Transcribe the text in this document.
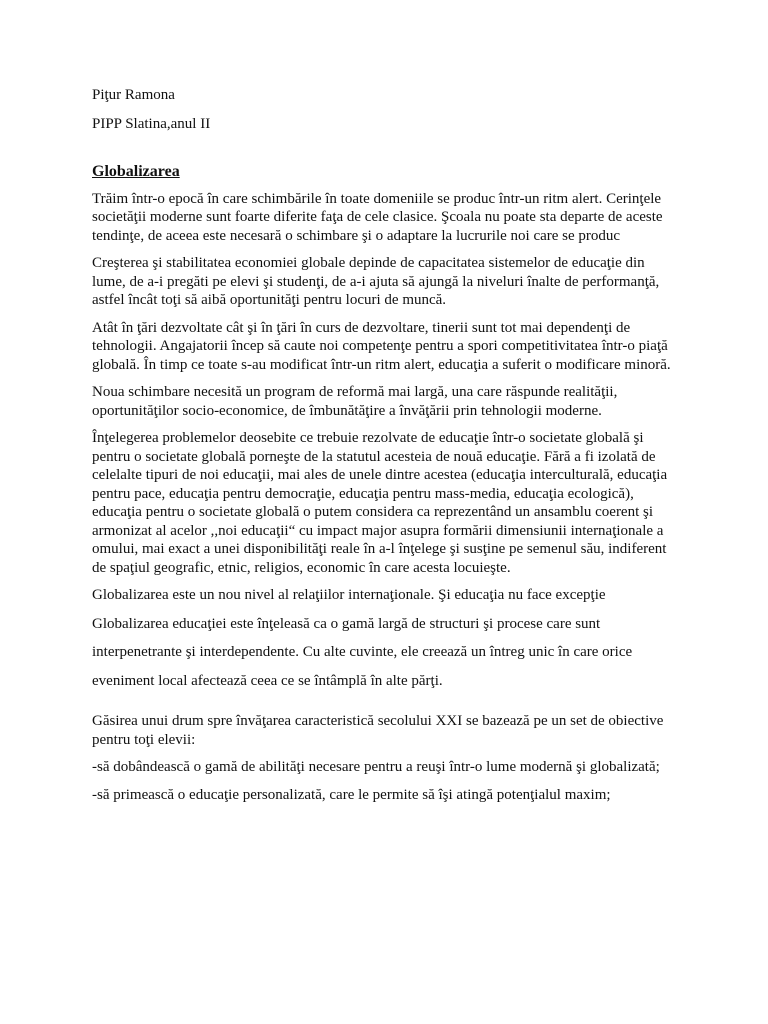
Piţur Ramona

PIPP Slatina,anul II

Globalizarea

Trăim într-o epocă în care schimbările în toate domeniile se produc într-un ritm alert. Cerinţele societăţii moderne sunt foarte diferite faţa de cele clasice. Şcoala nu poate sta departe de aceste tendinţe, de aceea este necesară o schimbare şi o adaptare la lucrurile noi care se produc

Creşterea şi stabilitatea economiei globale depinde de capacitatea sistemelor de educaţie din lume, de a-i pregăti pe elevi şi studenţi, de a-i ajuta să ajungă la niveluri înalte de performanţă, astfel încât toţi să aibă oportunităţi pentru locuri de muncă.

Atât în ţări dezvoltate cât şi în ţări în curs de dezvoltare, tinerii sunt tot mai dependenţi de tehnologii. Angajatorii încep să caute noi competenţe pentru a spori competitivitatea într-o piaţă globală. În timp ce toate s-au modificat într-un ritm alert, educaţia a suferit o modificare minoră.

Noua schimbare necesită un program de reformă mai largă, una care răspunde realităţii, oportunităţilor socio-economice, de îmbunătăţire a învăţării prin tehnologii moderne.

Înţelegerea problemelor deosebite ce trebuie rezolvate de educaţie într-o societate globală şi pentru o societate globală porneşte de la statutul acesteia de nouă educaţie. Fără a fi izolată de celelalte tipuri de noi educaţii, mai ales de unele dintre acestea (educaţia interculturală, educaţia pentru pace, educaţia pentru democraţie, educaţia pentru mass-media, educaţia ecologică), educaţia pentru o societate globală o putem considera ca reprezentând un ansamblu coerent şi armonizat al acelor ,,noi educaţii“ cu impact major asupra formării dimensiunii internaţionale a omului, mai exact a unei disponibilităţi reale în a-l înţelege şi susţine pe semenul său, indiferent de spaţiul geografic, etnic, religios, economic în care acesta locuieşte.

Globalizarea este un nou nivel al relaţiilor internaţionale. Şi educaţia nu face excepţie

Globalizarea educaţiei este înţeleasă ca o gamă largă de structuri şi procese care sunt

interpenetrante şi interdependente. Cu alte cuvinte, ele creează un întreg unic în care orice

eveniment local afectează ceea ce se întâmplă în alte părţi.

Găsirea unui drum spre învăţarea caracteristică secolului XXI se bazează pe un set de obiective pentru toţi elevii:

-să dobândească o gamă de abilităţi necesare pentru a reuşi într-o lume modernă şi globalizată;

-să primească o educaţie personalizată, care le permite să îşi atingă potenţialul maxim;
